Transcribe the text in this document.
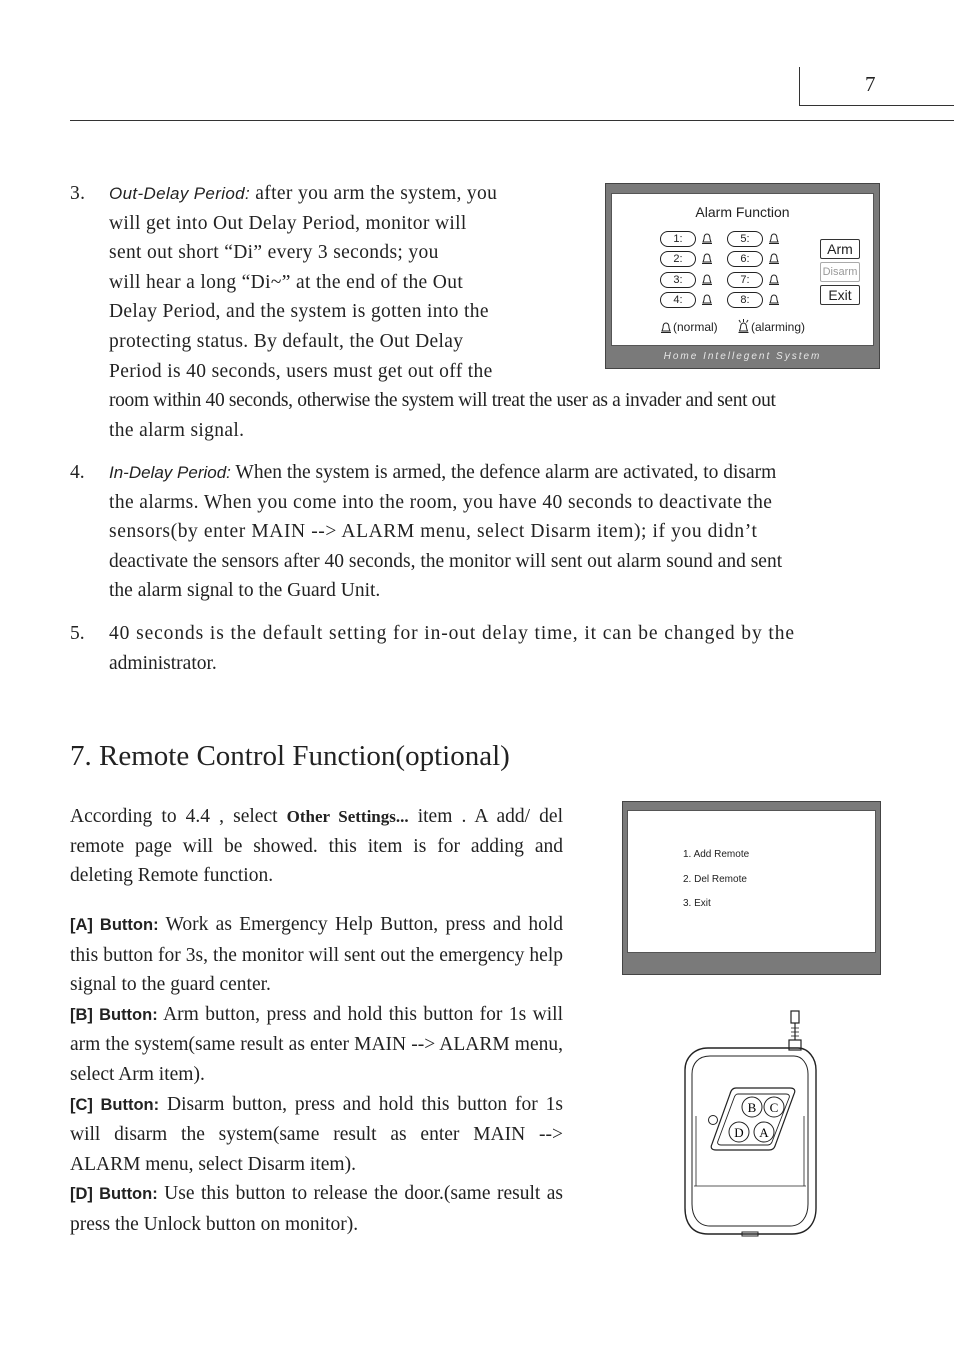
7
3. Out-Delay Period: after you arm the system, you
will get into Out Delay Period, monitor will
sent out short “Di” every 3 seconds; you
will hear a long “Di~” at the end of the Out
Delay Period, and the system is gotten into the
protecting status. By default, the Out Delay
Period is 40 seconds, users must get out off the
room within 40 seconds, otherwise the system will treat the user as a invader and sent out
the alarm signal.
4. In-Delay Period: When the system is armed, the defence alarm are activated, to disarm
the alarms. When you come into the room, you have 40 seconds to deactivate the
sensors(by enter MAIN --> ALARM menu, select Disarm item); if you didn’t
deactivate the sensors after 40 seconds, the monitor will sent out alarm sound and sent
the alarm signal to the Guard Unit.
5. 40 seconds is the default setting for in-out delay time, it can be changed by the
administrator.
Alarm Function
1:
2:
3:
4:
5:
6:
7:
8:
Arm
Disarm
Exit
(normal)	(alarming)
Home Intellegent System
7. Remote Control Function(optional)
According to 4.4 , select Other Settings... item . A add/ del remote page will be showed. this item is for adding and deleting Remote function.
[A] Button: Work as Emergency Help Button, press and hold this button for 3s, the monitor will sent out the emergency help signal to the guard center.
[B] Button: Arm button, press and hold this button for 1s will arm the system(same result as enter MAIN --> ALARM menu, select Arm item).
[C] Button: Disarm button, press and hold this button for 1s will disarm the system(same result as enter MAIN --> ALARM menu, select Disarm item).
[D] Button: Use this button to release the door.(same result as press the Unlock button on monitor).
1. Add Remote
2. Del Remote
3. Exit
B C
D A
